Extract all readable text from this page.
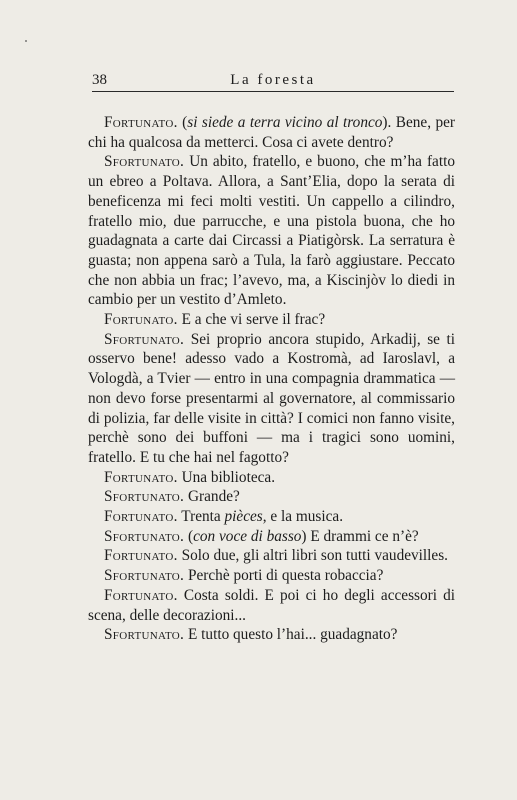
38	La foresta

Fortunato. (si siede a terra vicino al tronco). Bene, per chi ha qualcosa da metterci. Cosa ci avete dentro?

Sfortunato. Un abito, fratello, e buono, che m’ha fatto un ebreo a Poltava. Allora, a Sant’Elia, dopo la serata di beneficenza mi feci molti vestiti. Un cappello a cilindro, fratello mio, due parrucche, e una pistola buona, che ho guadagnata a carte dai Circassi a Piatigòrsk. La serratura è guasta; non appena sarò a Tula, la farò aggiustare. Peccato che non abbia un frac; l’avevo, ma, a Kiscinjòv lo diedi in cambio per un vestito d’Amleto.

Fortunato. E a che vi serve il frac?

Sfortunato. Sei proprio ancora stupido, Arkadij, se ti osservo bene! adesso vado a Kostromà, ad Iaroslavl, a Vologdà, a Tvier — entro in una compagnia drammatica — non devo forse presentarmi al governatore, al commissario di polizia, far delle visite in città? I comici non fanno visite, perchè sono dei buffoni — ma i tragici sono uomini, fratello. E tu che hai nel fagotto?

Fortunato. Una biblioteca.

Sfortunato. Grande?

Fortunato. Trenta pièces, e la musica.

Sfortunato. (con voce di basso) E drammi ce n’è?

Fortunato. Solo due, gli altri libri son tutti vaudevilles.

Sfortunato. Perchè porti di questa robaccia?

Fortunato. Costa soldi. E poi ci ho degli accessori di scena, delle decorazioni...

Sfortunato. E tutto questo l’hai... guadagnato?
